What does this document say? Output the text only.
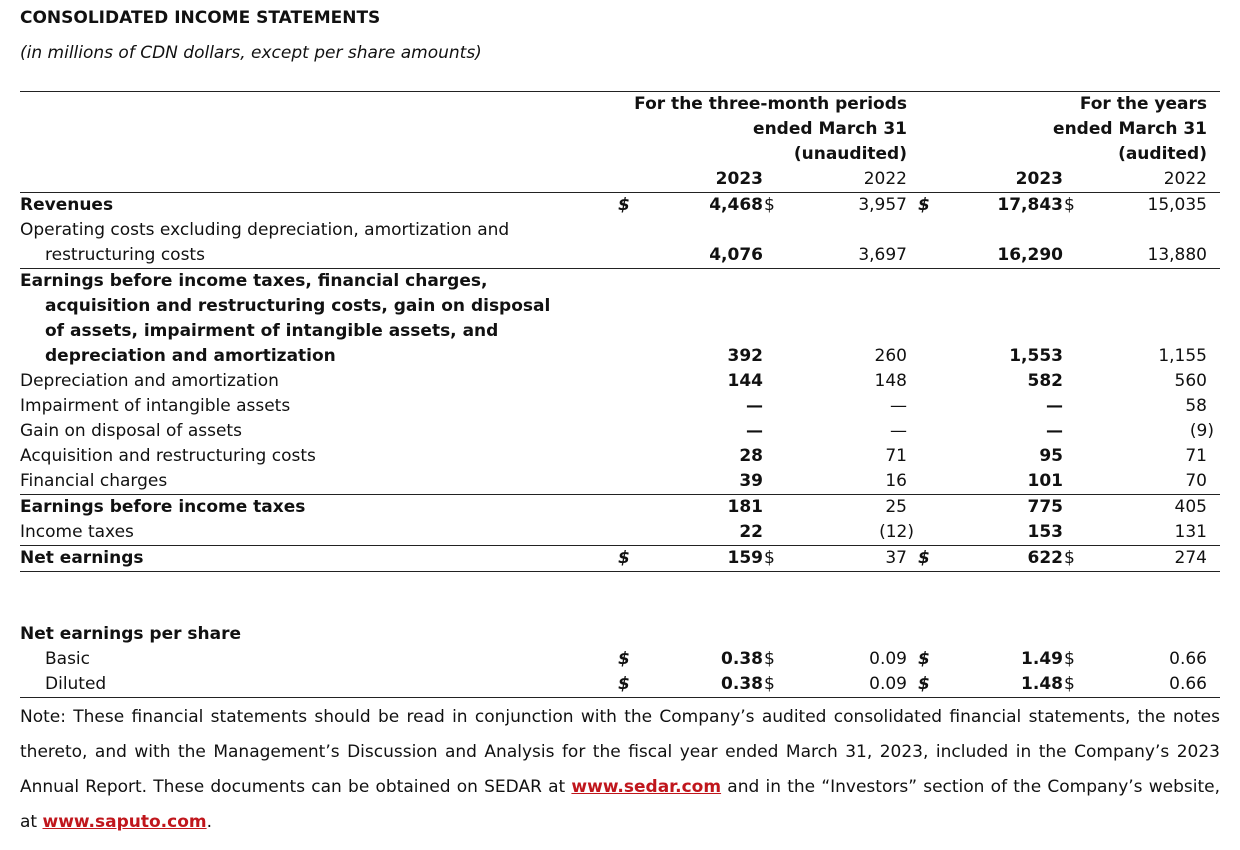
CONSOLIDATED INCOME STATEMENTS
(in millions of CDN dollars, except per share amounts)
For the three-month periods
ended March 31
(unaudited)
For the years
ended March 31
(audited)
2023	2022	2023	2022
Revenues	$	4,468 $	3,957 $	17,843 $	15,035
Operating costs excluding depreciation, amortization and
restructuring costs	4,076	3,697	16,290	13,880
Earnings before income taxes, financial charges,
acquisition and restructuring costs, gain on disposal
of assets, impairment of intangible assets, and
depreciation and amortization	392	260	1,553	1,155
Depreciation and amortization	144	148	582	560
Impairment of intangible assets	—	—	—	58
Gain on disposal of assets	—	—	—	(9)
Acquisition and restructuring costs	28	71	95	71
Financial charges	39	16	101	70
Earnings before income taxes	181	25	775	405
Income taxes	22	(12)	153	131
Net earnings	$	159 $	37 $	622 $	274
Net earnings per share
Basic	$	0.38 $	0.09 $	1.49 $	0.66
Diluted	$	0.38 $	0.09 $	1.48 $	0.66
Note: These financial statements should be read in conjunction with the Company’s audited consolidated financial statements, the notes thereto, and with the Management’s Discussion and Analysis for the fiscal year ended March 31, 2023, included in the Company’s 2023 Annual Report. These documents can be obtained on SEDAR at www.sedar.com and in the “Investors” section of the Company’s website, at www.saputo.com.
